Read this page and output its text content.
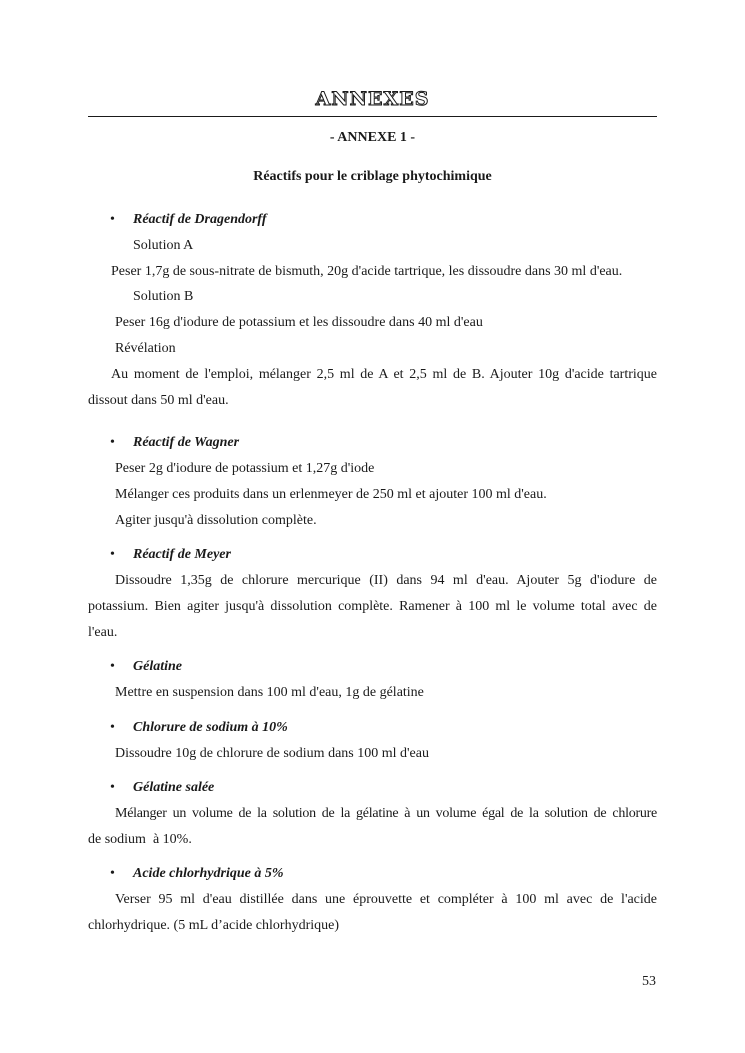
ANNEXES
- ANNEXE 1 -
Réactifs pour le criblage phytochimique
• Réactif de Dragendorff
Solution A
Peser 1,7g de sous-nitrate de bismuth, 20g d'acide tartrique, les dissoudre dans 30 ml d'eau.
Solution B
Peser 16g d'iodure de potassium et les dissoudre dans 40 ml d'eau
Révélation
Au moment de l'emploi, mélanger 2,5 ml de A et 2,5 ml de B. Ajouter 10g d'acide tartrique
dissout dans 50 ml d'eau.
• Réactif de Wagner
Peser 2g d'iodure de potassium et 1,27g d'iode
Mélanger ces produits dans un erlenmeyer de 250 ml et ajouter 100 ml d'eau.
Agiter jusqu'à dissolution complète.
• Réactif de Meyer
Dissoudre 1,35g de chlorure mercurique (II) dans 94 ml d'eau. Ajouter 5g d'iodure de
potassium. Bien agiter jusqu'à dissolution complète. Ramener à 100 ml le volume total avec de
l'eau.
• Gélatine
Mettre en suspension dans 100 ml d'eau, 1g de gélatine
• Chlorure de sodium à 10%
Dissoudre 10g de chlorure de sodium dans 100 ml d'eau
• Gélatine salée
Mélanger un volume de la solution de la gélatine à un volume égal de la solution de chlorure
de sodium  à 10%.
• Acide chlorhydrique à 5%
Verser 95 ml d'eau distillée dans une éprouvette et compléter à 100 ml avec de l'acide
chlorhydrique. (5 mL d’acide chlorhydrique)
53
